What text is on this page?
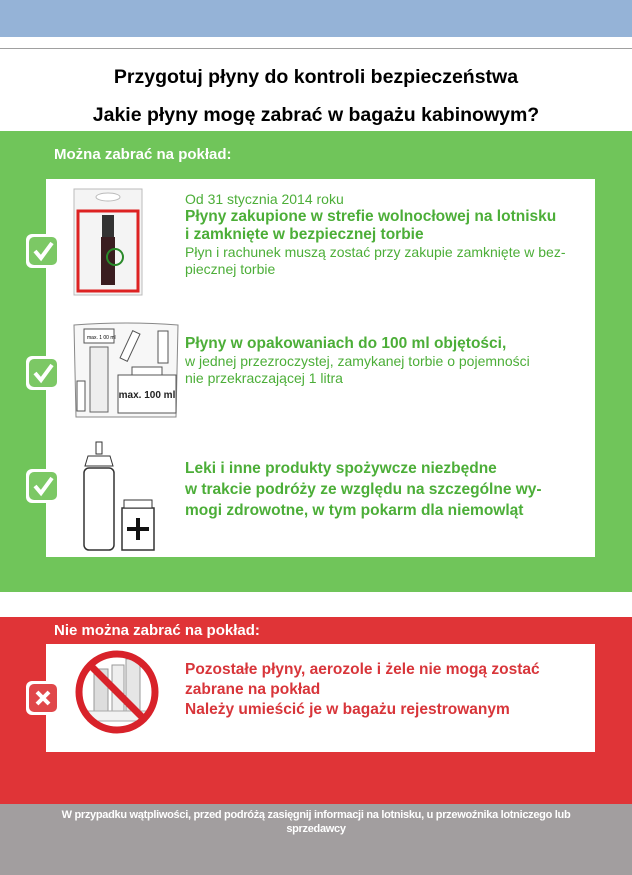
Przygotuj płyny do kontroli bezpieczeństwa
Jakie płyny mogę zabrać w bagażu kabinowym?
Można zabrać na pokład:
Od 31 stycznia 2014 roku
Płyny zakupione w strefie wolnocłowej na lotnisku
i zamknięte w bezpiecznej torbie
Płyn i rachunek muszą zostać przy zakupie zamknięte w bez-
piecznej torbie
max. 1 00 ml
max. 100 ml
Płyny w opakowaniach do 100 ml objętości,
w jednej przezroczystej, zamykanej torbie o pojemności
nie przekraczającej 1 litra
Leki i inne produkty spożywcze niezbędne
w trakcie podróży ze względu na szczególne wy-
mogi zdrowotne, w tym pokarm dla niemowląt
Nie można zabrać na pokład:
Pozostałe płyny, aerozole i żele nie mogą zostać
zabrane na pokład
Należy umieścić je w bagażu rejestrowanym
W przypadku wątpliwości, przed podróżą zasięgnij informacji na lotnisku, u przewoźnika lotniczego lub sprzedawcy
